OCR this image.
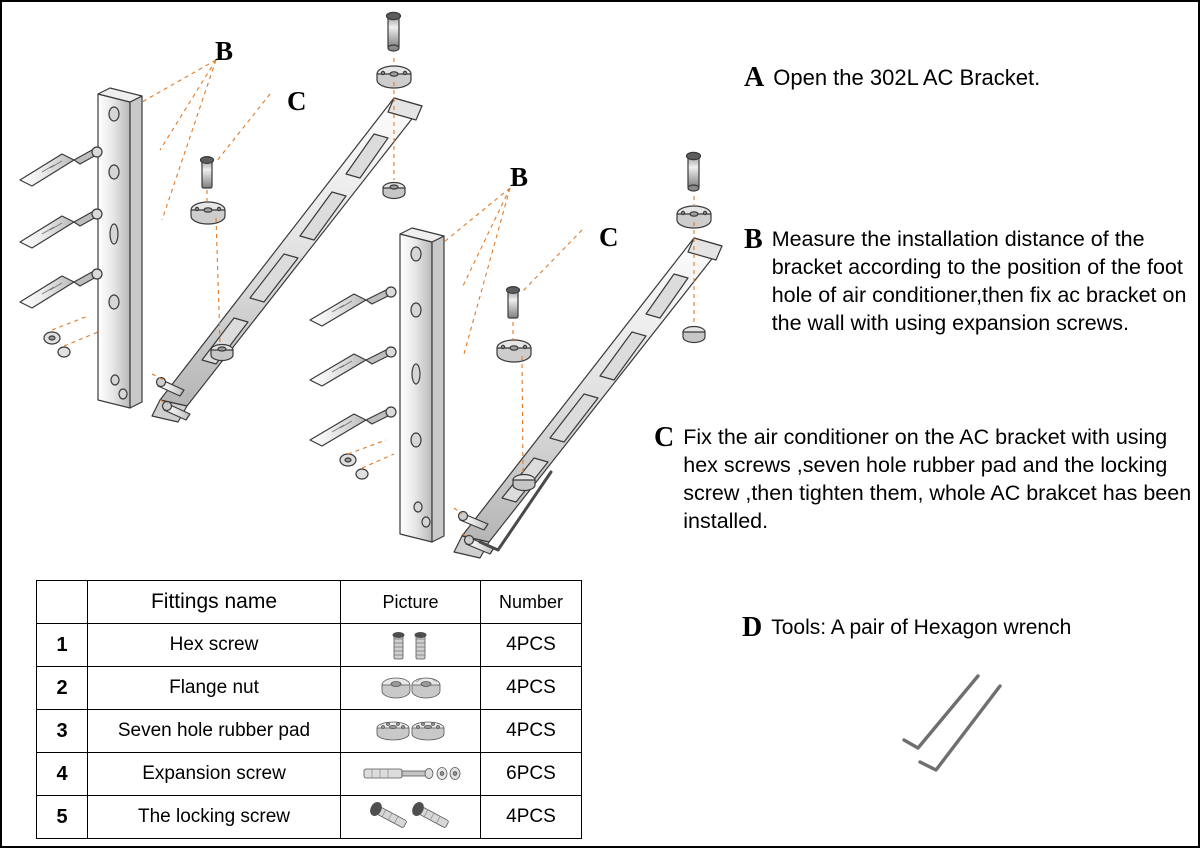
B
C
B
C
A Open the 302L AC Bracket.
B Measure the installation distance of the bracket according to the position of the foot hole of air conditioner,then fix ac bracket on the wall with using expansion screws.
C Fix the air conditioner on the AC bracket with using hex screws ,seven hole rubber pad and the locking screw ,then tighten them, whole AC brakcet has been installed.
D Tools: A pair of Hexagon wrench
	Fittings name	Picture	Number
1	Hex screw		4PCS
2	Flange nut		4PCS
3	Seven hole rubber pad		4PCS
4	Expansion screw		6PCS
5	The locking screw		4PCS
